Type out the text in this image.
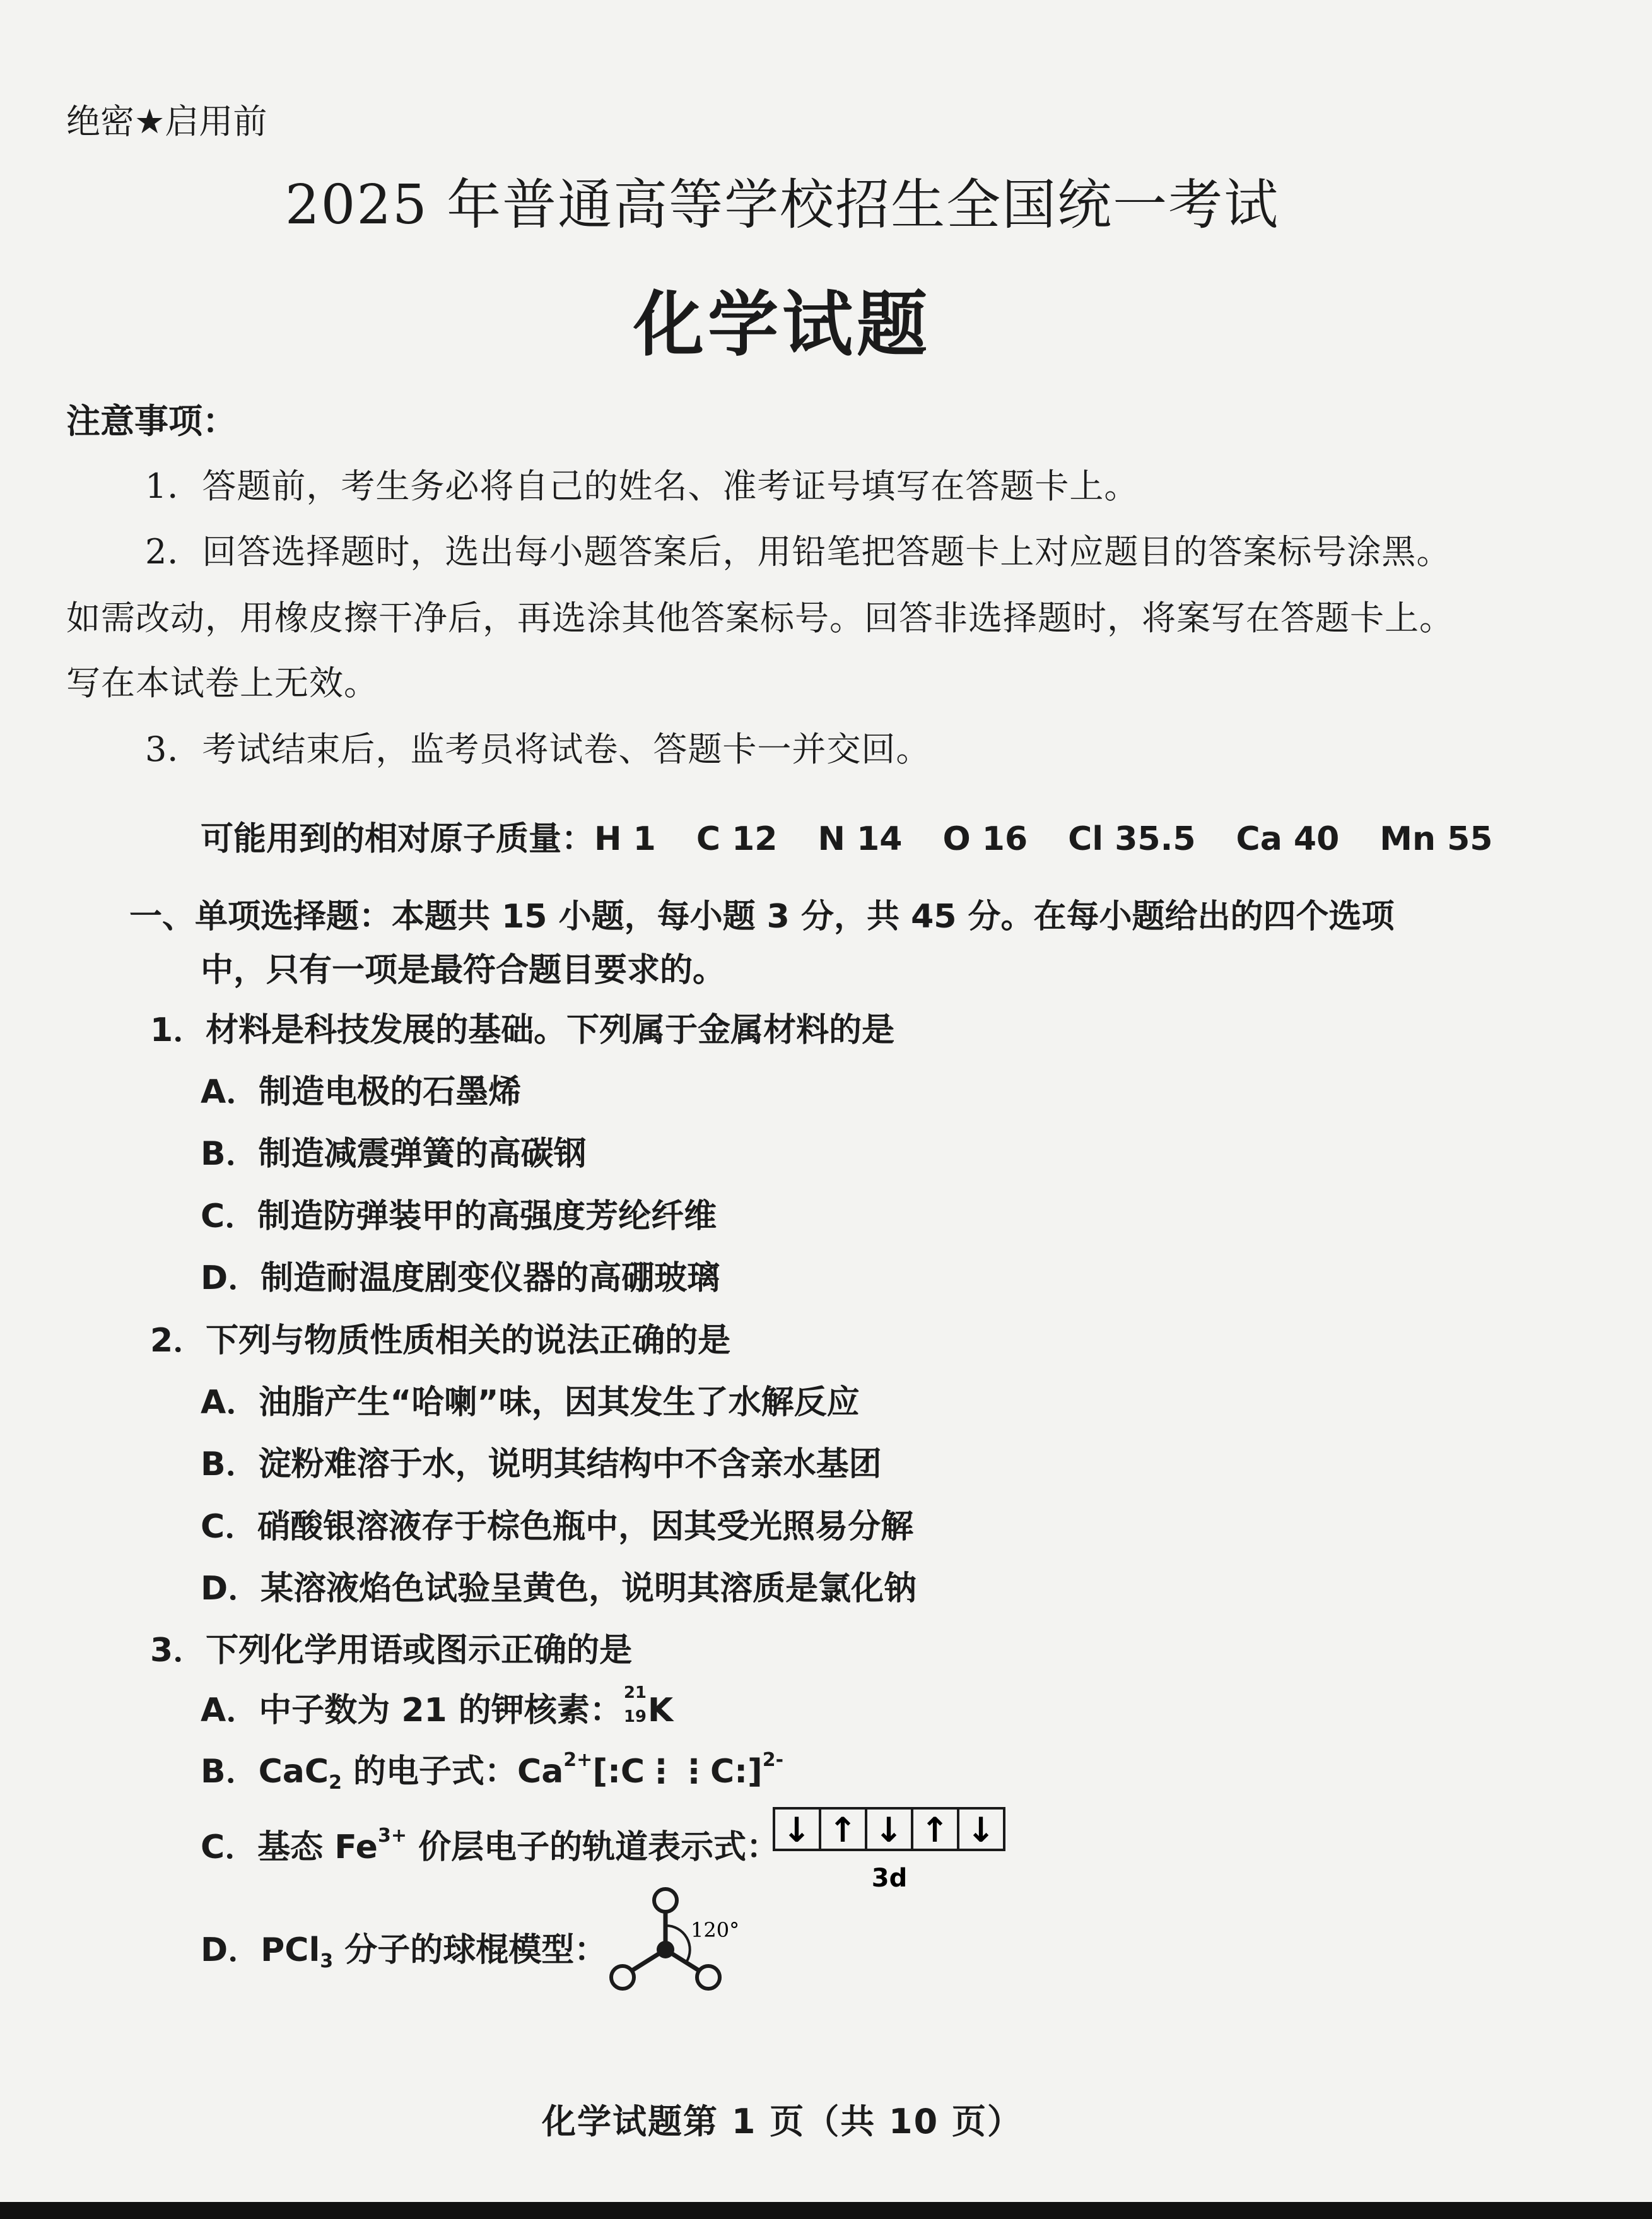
绝密★启用前
2025 年普通高等学校招生全国统一考试
化学试题
注意事项：
1．答题前，考生务必将自己的姓名、准考证号填写在答题卡上。
2．回答选择题时，选出每小题答案后，用铅笔把答题卡上对应题目的答案标号涂黑。
如需改动，用橡皮擦干净后，再选涂其他答案标号。回答非选择题时，将案写在答题卡上。
写在本试卷上无效。
3．考试结束后，监考员将试卷、答题卡一并交回。
可能用到的相对原子质量：H 1 C 12 N 14 O 16 Cl 35.5 Ca 40 Mn 55
一、单项选择题：本题共 15 小题，每小题 3 分，共 45 分。在每小题给出的四个选项
中，只有一项是最符合题目要求的。
1．材料是科技发展的基础。下列属于金属材料的是
A．制造电极的石墨烯
B．制造减震弹簧的高碳钢
C．制造防弹装甲的高强度芳纶纤维
D．制造耐温度剧变仪器的高硼玻璃
2．下列与物质性质相关的说法正确的是
A．油脂产生“哈喇”味，因其发生了水解反应
B．淀粉难溶于水，说明其结构中不含亲水基团
C．硝酸银溶液存于棕色瓶中，因其受光照易分解
D．某溶液焰色试验呈黄色，说明其溶质是氯化钠
3．下列化学用语或图示正确的是
A．中子数为 21 的钾核素： 21
19 K
B．CaC$_2$ 的电子式：$Ca^{2+}[:C⋮⋮C:]^{2-}$
C．基态 $Fe^{3+}$ 价层电子的轨道表示式： ↓ ↑ ↓ ↑ ↓
3d
D．PCl$_3$ 分子的球棍模型：
120°
化学试题第 1 页（共 10 页）
